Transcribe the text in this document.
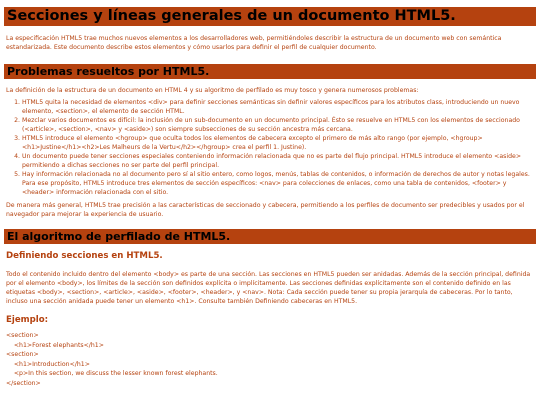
Secciones y líneas generales de un documento HTML5.
La especificación HTML5 trae muchos nuevos elementos a los desarrolladores web, permitiéndoles describir la estructura de un documento web con semántica estandarizada. Este documento describe estos elementos y cómo usarlos para definir el perfil de cualquier documento.
Problemas resueltos por HTML5.
La definición de la estructura de un documento en HTML 4 y su algoritmo de perfilado es muy tosco y genera numerosos problemas:
1. HTML5 quita la necesidad de elementos <div> para definir secciones semánticas sin definir valores específicos para los atributos class, introduciendo un nuevo elemento, <section>, el elemento de sección HTML.
2. Mezclar varios documentos es difícil: la inclusión de un sub-documento en un documento principal. Ésto se resuelve en HTML5 con los elementos de seccionado (<article>, <section>, <nav> y <aside>) son siempre subsecciones de su sección ancestra más cercana.
3. HTML5 introduce el elemento <hgroup> que oculta todos los elementos de cabecera excepto el primero de más alto rango (por ejemplo, <hgroup><h1>Justine</h1><h2>Les Malheurs de la Vertu</h2></hgroup> crea el perfil 1. Justine).
4. Un documento puede tener secciones especiales conteniendo información relacionada que no es parte del flujo principal. HTML5 introduce el elemento <aside> permitiendo a dichas secciones no ser parte del perfil principal.
5. Hay información relacionada no al documento pero sí al sitio entero, como logos, menús, tablas de contenidos, o información de derechos de autor y notas legales. Para ese propósito, HTML5 introduce tres elementos de sección específicos: <nav> para colecciones de enlaces, como una tabla de contenidos, <footer> y <header> información relacionada con el sitio.
De manera más general, HTML5 trae precisión a las características de seccionado y cabecera, permitiendo a los perfiles de documento ser predecibles y usados por el navegador para mejorar la experiencia de usuario.
El algoritmo de perfilado de HTML5.
Definiendo secciones en HTML5.
Todo el contenido incluido dentro del elemento <body> es parte de una sección. Las secciones en HTML5 pueden ser anidadas. Además de la sección principal, definida por el elemento <body>, los límites de la sección son definidos explícita o implícitamente. Las secciones definidas explícitamente son el contenido definido en las etiquetas <body>, <section>, <article>, <aside>, <footer>, <header>, y <nav>. Nota: Cada sección puede tener su propia jerarquía de cabeceras. Por lo tanto, incluso una sección anidada puede tener un elemento <h1>. Consulte también Definiendo cabeceras en HTML5.
Ejemplo:
<section>
<h1>Forest elephants</h1>
<section>
<h1>Introduction</h1>
<p>In this section, we discuss the lesser known forest elephants.
</section>
